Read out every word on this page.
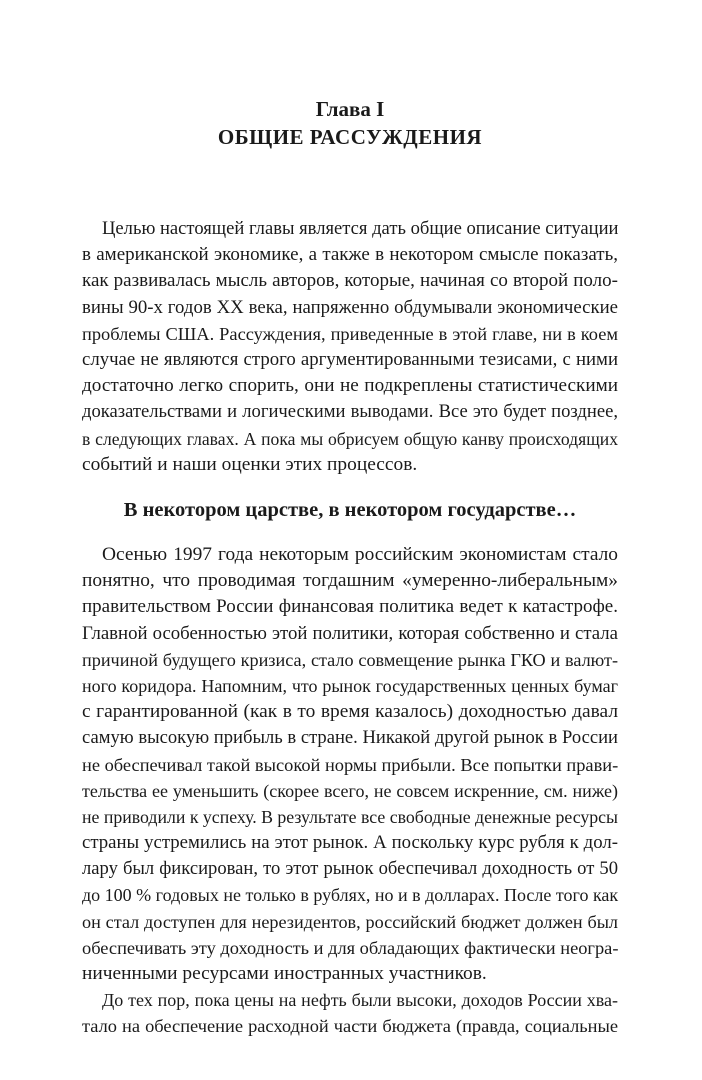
Глава I
ОБЩИЕ РАССУЖДЕНИЯ

Целью настоящей главы является дать общие описание ситуации
в американской экономике, а также в некотором смысле показать,
как развивалась мысль авторов, которые, начиная со второй поло-
вины 90-х годов XX века, напряженно обдумывали экономические
проблемы США. Рассуждения, приведенные в этой главе, ни в коем
случае не являются строго аргументированными тезисами, с ними
достаточно легко спорить, они не подкреплены статистическими
доказательствами и логическими выводами. Все это будет позднее,
в следующих главах. А пока мы обрисуем общую канву происходящих
событий и наши оценки этих процессов.

В некотором царстве, в некотором государстве…

Осенью 1997 года некоторым российским экономистам стало
понятно, что проводимая тогдашним «умеренно-либеральным»
правительством России финансовая политика ведет к катастрофе.
Главной особенностью этой политики, которая собственно и стала
причиной будущего кризиса, стало совмещение рынка ГКО и валют-
ного коридора. Напомним, что рынок государственных ценных бумаг
с гарантированной (как в то время казалось) доходностью давал
самую высокую прибыль в стране. Никакой другой рынок в России
не обеспечивал такой высокой нормы прибыли. Все попытки прави-
тельства ее уменьшить (скорее всего, не совсем искренние, см. ниже)
не приводили к успеху. В результате все свободные денежные ресурсы
страны устремились на этот рынок. А поскольку курс рубля к дол-
лару был фиксирован, то этот рынок обеспечивал доходность от 50
до 100 % годовых не только в рублях, но и в долларах. После того как
он стал доступен для нерезидентов, российский бюджет должен был
обеспечивать эту доходность и для обладающих фактически неогра-
ниченными ресурсами иностранных участников.

До тех пор, пока цены на нефть были высоки, доходов России хва-
тало на обеспечение расходной части бюджета (правда, социальные
